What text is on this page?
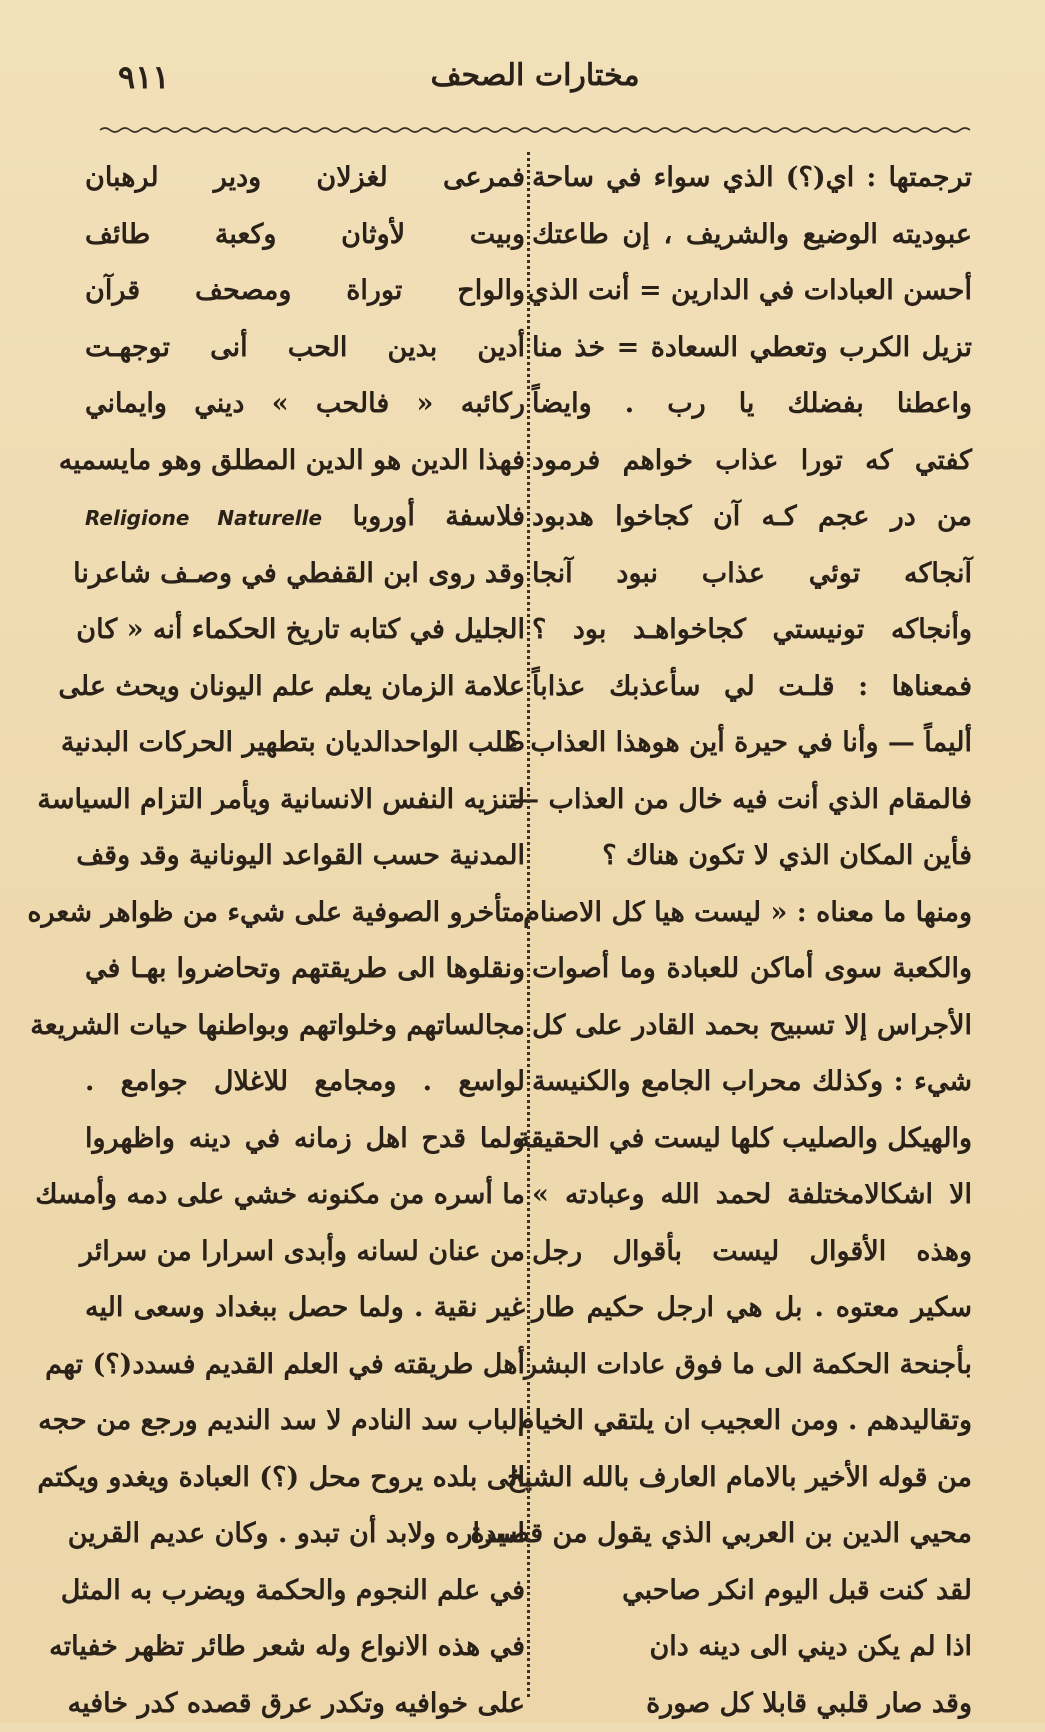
مختارات الصحف
٩١١
ترجمتها : اي(؟) الذي سواء في ساحة
عبوديته الوضيع والشريف ، إن طاعتك
أحسن العبادات في الدارين = أنت الذي
تزيل الكرب وتعطي السعادة = خذ منا
واعطنا بفضلك يا رب . وايضاً
كفتي كه تورا عذاب خواهم فرمود
من در عجم كـه آن كجاخوا هدبود
آنجاكه توئي عذاب نبود آنجا
وأنجاكه تونيستي كجاخواهـد بود ؟
فمعناها : قلـت لي سأعذبك عذاباً
أليماً — وأنا في حيرة أين هوهذا العذاب ؟
فالمقام الذي أنت فيه خال من العذاب —
فأين المكان الذي لا تكون هناك ؟
ومنها ما معناه : « ليست هيا كل الاصنام
والكعبة سوى أماكن للعبادة وما أصوات
الأجراس إلا تسبيح بحمد القادر على كل
شيء : وكذلك محراب الجامع والكنيسة
والهيكل والصليب كلها ليست في الحقيقة
الا اشكالامختلفة لحمد الله وعبادته »
وهذه الأقوال ليست بأقوال رجل
سكير معتوه . بل هي ارجل حكيم طار
بأجنحة الحكمة الى ما فوق عادات البشر
وتقاليدهم . ومن العجيب ان يلتقي الخيام
من قوله الأخير بالامام العارف بالله الشيخ
محيي الدين بن العربي الذي يقول من قصيدة
لقد كنت قبل اليوم انكر صاحبي
اذا لم يكن ديني الى دينه دان
وقد صار قلبي قابلا كل صورة
فمرعى لغزلان ودير لرهبان
وبيت لأوثان وكعبة طائف
والواح توراة ومصحف قرآن
أدين بدين الحب أنى توجهـت
ركائبه « فالحب » ديني وايماني
فهذا الدين هو الدين المطلق وهو مايسميه
فلاسفة أوروبا Religione Naturelle
وقد روى ابن القفطي في وصـف شاعرنا
الجليل في كتابه تاريخ الحكماء أنه « كان
علامة الزمان يعلم علم اليونان ويحث على
طلب الواحدالديان بتطهير الحركات البدنية
لتنزيه النفس الانسانية ويأمر التزام السياسة
المدنية حسب القواعد اليونانية وقد وقف
متأخرو الصوفية على شيء من ظواهر شعره
ونقلوها الى طريقتهم وتحاضروا بهـا في
مجالساتهم وخلواتهم وبواطنها حيات الشريعة
لواسع . ومجامع للاغلال جوامع .
ولما قدح اهل زمانه في دينه واظهروا
ما أسره من مكنونه خشي على دمه وأمسك
من عنان لسانه وأبدى اسرارا من سرائر
غير نقية . ولما حصل ببغداد وسعى اليه
أهل طريقته في العلم القديم فسدد(؟) تهم
الباب سد النادم لا سد النديم ورجع من حجه
الى بلده يروح محل (؟) العبادة ويغدو ويكتم
اسراره ولابد أن تبدو . وكان عديم القرين
في علم النجوم والحكمة ويضرب به المثل
في هذه الانواع وله شعر طائر تظهر خفياته
على خوافيه وتكدر عرق قصده كدر خافيه
